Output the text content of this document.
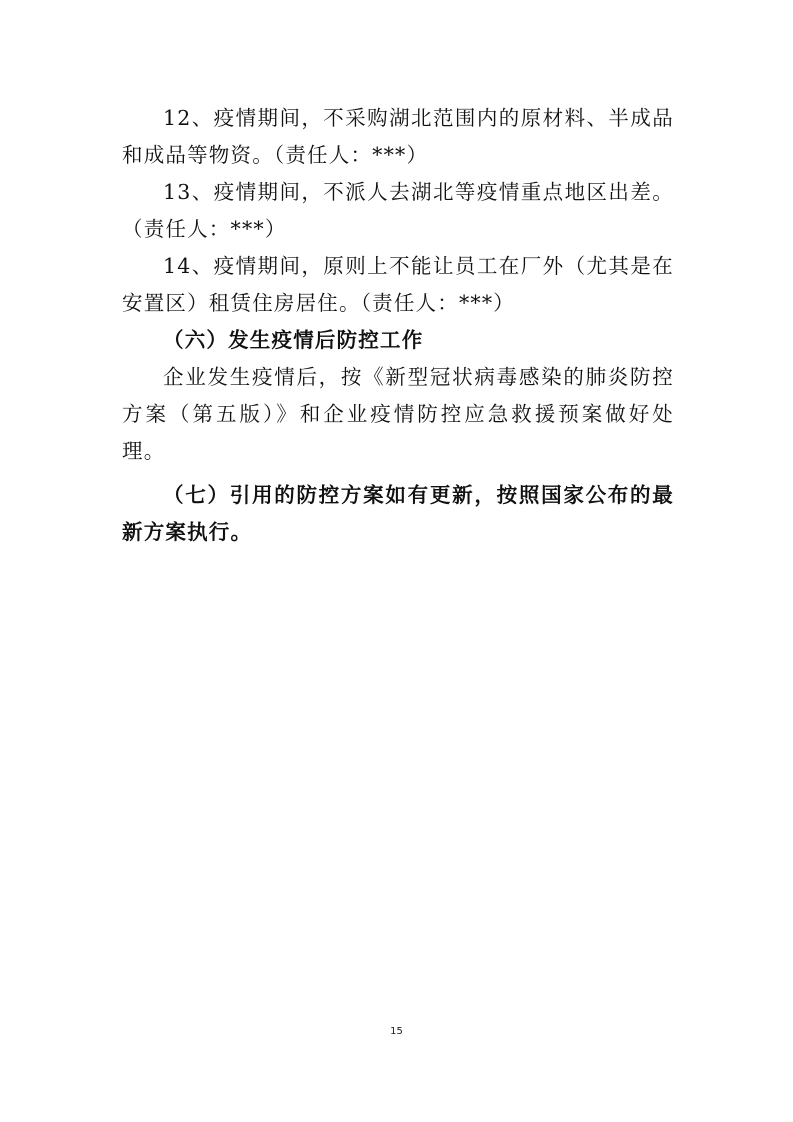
12、疫情期间，不采购湖北范围内的原材料、半成品和成品等物资。（责任人：***）

13、疫情期间，不派人去湖北等疫情重点地区出差。（责任人：***）

14、疫情期间，原则上不能让员工在厂外（尤其是在安置区）租赁住房居住。（责任人：***）

（六）发生疫情后防控工作

企业发生疫情后，按《新型冠状病毒感染的肺炎防控方案（第五版）》和企业疫情防控应急救援预案做好处理。

（七）引用的防控方案如有更新，按照国家公布的最新方案执行。

15
